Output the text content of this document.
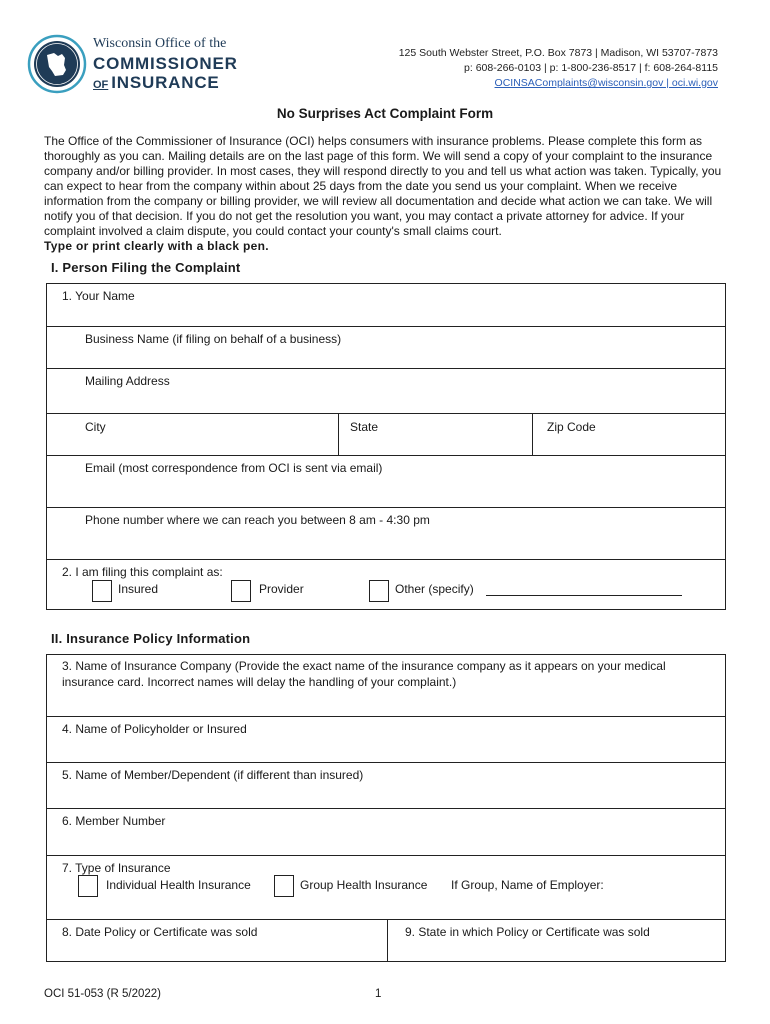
Wisconsin Office of the
COMMISSIONER
OF INSURANCE
125 South Webster Street, P.O. Box 7873 | Madison, WI 53707-7873
p: 608-266-0103 | p: 1-800-236-8517 | f: 608-264-8115
OCINSAComplaints@wisconsin.gov | oci.wi.gov
No Surprises Act Complaint Form
The Office of the Commissioner of Insurance (OCI) helps consumers with insurance problems. Please complete this form as thoroughly as you can. Mailing details are on the last page of this form. We will send a copy of your complaint to the insurance company and/or billing provider. In most cases, they will respond directly to you and tell us what action was taken. Typically, you can expect to hear from the company within about 25 days from the date you send us your complaint. When we receive information from the company or billing provider, we will review all documentation and decide what action we can take. We will notify you of that decision. If you do not get the resolution you want, you may contact a private attorney for advice. If your complaint involved a claim dispute, you could contact your county's small claims court.
Type or print clearly with a black pen.
I. Person Filing the Complaint
1. Your Name
Business Name (if filing on behalf of a business)
Mailing Address
City	State	Zip Code
Email (most correspondence from OCI is sent via email)
Phone number where we can reach you between 8 am - 4:30 pm
2. I am filing this complaint as:
Insured	Provider	Other (specify)
II. Insurance Policy Information
3. Name of Insurance Company (Provide the exact name of the insurance company as it appears on your medical insurance card. Incorrect names will delay the handling of your complaint.)
4. Name of Policyholder or Insured
5. Name of Member/Dependent (if different than insured)
6. Member Number
7. Type of Insurance
Individual Health Insurance	Group Health Insurance If Group, Name of Employer:
8. Date Policy or Certificate was sold	9. State in which Policy or Certificate was sold
OCI 51-053 (R 5/2022)	1
